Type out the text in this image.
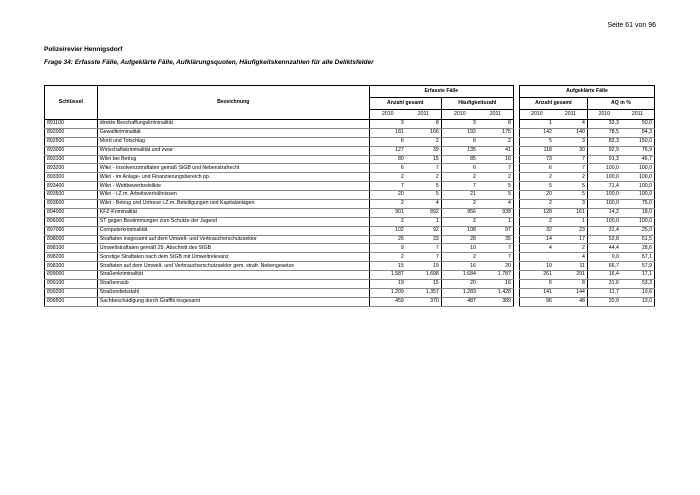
Seite 61 von 96
Polizeirevier Hennigsdorf
Frage 34: Erfasste Fälle, Aufgeklärte Fälle, Aufklärungsquoten, Häufigkeitskennzahlen für alle Deliktsfelder
Schlüssel	Bezeichnung	Erfasste Fälle					Aufgeklärte Fälle			
		Anzahl gesamt		Häufigkeitszahl			Anzahl gesamt		AQ in %	
		2010	2011	2010	2011		2010	2011	2010	2011
891100	direkte Beschaffungskriminalität	3	8	3	8		1	4	33,3	50,0
892000	Gewaltkriminalität	181	166	192	175		142	140	78,5	84,3
892500	Mord und Totschlag	6	2	6	2		5	3	83,3	150,0
893000	Wirtschaftskriminalität und zwar:	127	39	135	41		118	30	92,9	76,9
893100	Wikri bei Betrug	80	15	85	16		73	7	91,3	46,7
893200	Wikri - Insolvenzstraftaten gemäß StGB und Nebenstrafrecht	6	7	6	7		6	7	100,0	100,0
893300	Wikri - im Anlage- und Finanzierungsbereich pp.	2	2	2	2		2	2	100,0	100,0
893400	Wikri - Wettbewerbsdelikte	7	5	7	5		5	5	71,4	100,0
893500	Wikri - i.Z.m. Arbeitsverhältnissen	20	5	21	5		20	5	100,0	100,0
893600	Wikri - Betrug und Untreue i.Z.m. Beteiligungen und Kapitalanlagen	2	4	2	4		2	3	100,0	75,0
894000	KFZ-Kriminalität	901	892	956	938		128	161	14,2	18,0
896000	ST gegen Bestimmungen zum Schutze der Jugend	2	1	2	1		2	1	100,0	100,0
897000	Computerkriminalität	102	92	108	97		32	23	31,4	25,0
898000	Straftaten insgesamt auf dem Umwelt- und Verbraucherschutzsektor	26	33	28	35		14	17	53,8	51,5
898100	Umweltstraftaten gemäß 29. Abschnitt des StGB	9	7	10	7		4	2	44,4	28,6
898200	Sonstige Straftaten nach dem StGB mit Umweltrelevanz	2	7	2	7			4	0,0	57,1
898300	Straftaten auf dem Umwelt- und Verbraucherschutzsektor gem. strafr. Nebengesetze	15	19	16	20		10	11	66,7	57,9
899000	Straßenkriminalität	1.587	1.698	1.684	1.787		261	291	16,4	17,1
899100	Straßenraub	19	15	20	16		6	8	31,6	53,3
899200	Straßendiebstahl	1.209	1.357	1.283	1.428		141	144	11,7	10,6
899500	Sachbeschädigung durch Graffiti insgesamt	459	370	487	389		96	48	20,9	13,0
